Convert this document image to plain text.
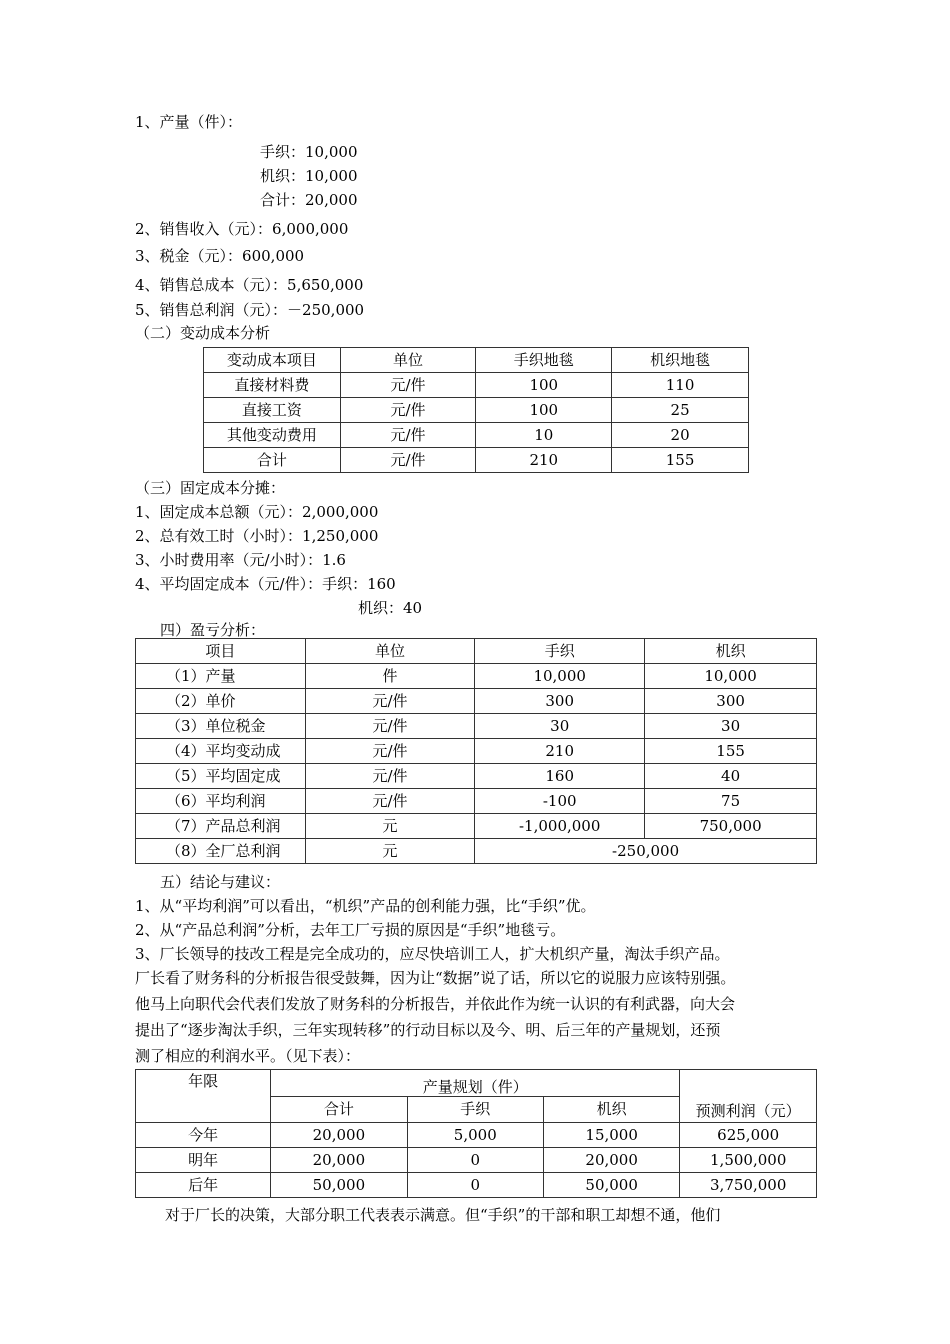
1、产量（件）：
手织：10,000
机织：10,000
合计：20,000
2、销售收入（元）：6,000,000
3、税金（元）：600,000
4、销售总成本（元）：5,650,000
5、销售总利润（元）：－250,000
（二）变动成本分析
变动成本项目	单位	手织地毯	机织地毯
直接材料费	元/件	100	110
直接工资	元/件	100	25
其他变动费用	元/件	10	20
合计	元/件	210	155
（三）固定成本分摊：
1、固定成本总额（元）：2,000,000
2、总有效工时（小时）：1,250,000
3、小时费用率（元/小时）：1.6
4、平均固定成本（元/件）：手织：160
机织：40
四）盈亏分析：
项目	单位	手织	机织
（1）产量	件	10,000	10,000
（2）单价	元/件	300	300
（3）单位税金	元/件	30	30
（4）平均变动成	元/件	210	155
（5）平均固定成	元/件	160	40
（6）平均利润	元/件	-100	75
（7）产品总利润	元	-1,000,000	750,000
（8）全厂总利润	元	-250,000	
五）结论与建议：
1、从“平均利润”可以看出，“机织”产品的创利能力强，比“手织”优。
2、从“产品总利润”分析，去年工厂亏损的原因是“手织”地毯亏。
3、厂长领导的技改工程是完全成功的，应尽快培训工人，扩大机织产量，淘汰手织产品。
厂长看了财务科的分析报告很受鼓舞，因为让“数据”说了话，所以它的说服力应该特别强。
他马上向职代会代表们发放了财务科的分析报告，并依此作为统一认识的有利武器，向大会
提出了“逐步淘汰手织，三年实现转移”的行动目标以及今、明、后三年的产量规划，还预
测了相应的利润水平。（见下表）：
年限	产量规划（件）			预测利润（元）
	合计	手织	机织	
今年	20,000	5,000	15,000	625,000
明年	20,000	0	20,000	1,500,000
后年	50,000	0	50,000	3,750,000
对于厂长的决策，大部分职工代表表示满意。但“手织”的干部和职工却想不通，他们
